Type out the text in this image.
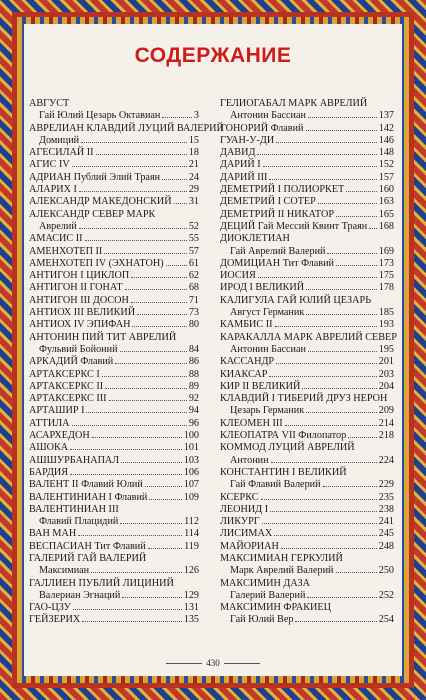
СОДЕРЖАНИЕ
АВГУСТ
Гай Юлий Цезарь Октавиан	3
АВРЕЛИАН КЛАВДИЙ ЛУЦИЙ ВАЛЕРИЙ
Домиций	15
АГЕСИЛАЙ II	18
АГИС IV	21
АДРИАН Публий Элий Траян	24
АЛАРИХ I	29
АЛЕКСАНДР МАКЕДОНСКИЙ 31
АЛЕКСАНДР СЕВЕР МАРК
Аврелий	52
АМАСИС II	55
АМЕНХОТЕП II	57
АМЕНХОТЕП IV (ЭХНАТОН) 61
АНТИГОН I ЦИКЛОП	62
АНТИГОН II ГОНАТ	68
АНТИГОН III ДОСОН	71
АНТИОХ III ВЕЛИКИЙ	73
АНТИОХ IV ЭПИФАН	80
АНТОНИН ПИЙ ТИТ АВРЕЛИЙ
Фульвий Бойоний	84
АРКАДИЙ Флавий	86
АРТАКСЕРКС I	88
АРТАКСЕРКС II	89
АРТАКСЕРКС III	92
АРТАШИР I	94
АТТИЛА	96
АСАРХЕДОН	100
АШОКА	101
АШШУРБАНАПАЛ	103
БАРДИЯ	106
ВАЛЕНТ II Флавий Юлий	107
ВАЛЕНТИНИАН I Флавий	109
ВАЛЕНТИНИАН III
Флавий Плацидий	112
ВАН МАН	114
ВЕСПАСИАН Тит Флавий	119
ГАЛЕРИЙ ГАЙ ВАЛЕРИЙ
Максимиан	126
ГАЛЛИЕН ПУБЛИЙ ЛИЦИНИЙ
Валериан Эгнаций	129
ГАО-ЦЗУ	131
ГЕЙЗЕРИХ	135
ГЕЛИОГАБАЛ МАРК АВРЕЛИЙ
Антонин Бассиан	137
ГОНОРИЙ Флавий	142
ГУАН-У-ДИ	146
ДАВИД	148
ДАРИЙ I	152
ДАРИЙ III	157
ДЕМЕТРИЙ I ПОЛИОРКЕТ	160
ДЕМЕТРИЙ I СОТЕР	163
ДЕМЕТРИЙ II НИКАТОР	165
ДЕЦИЙ Гай Мессий Квинт Траян 168
ДИОКЛЕТИАН
Гай Аврелий Валерий	169
ДОМИЦИАН Тит Флавий	173
ИОСИЯ	175
ИРОД I ВЕЛИКИЙ	178
КАЛИГУЛА ГАЙ ЮЛИЙ ЦЕЗАРЬ
Август Германик	185
КАМБИС II	193
КАРАКАЛЛА МАРК АВРЕЛИЙ СЕВЕР
Антонин Бассиан	195
КАССАНДР	201
КИАКСАР	203
КИР II ВЕЛИКИЙ	204
КЛАВДИЙ I ТИБЕРИЙ ДРУЗ НЕРОН
Цезарь Германик	209
КЛЕОМЕН III	214
КЛЕОПАТРА VII Филопатор	218
КОММОД ЛУЦИЙ АВРЕЛИЙ
Антонин	224
КОНСТАНТИН I ВЕЛИКИЙ
Гай Флавий Валерий	229
КСЕРКС	235
ЛЕОНИД I	238
ЛИКУРГ	241
ЛИСИМАХ	245
МАЙОРИАН	248
МАКСИМИАН ГЕРКУЛИЙ
Марк Аврелий Валерий	250
МАКСИМИН ДАЗА
Галерий Валерий	252
МАКСИМИН ФРАКИЕЦ
Гай Юлий Вер	254
430
